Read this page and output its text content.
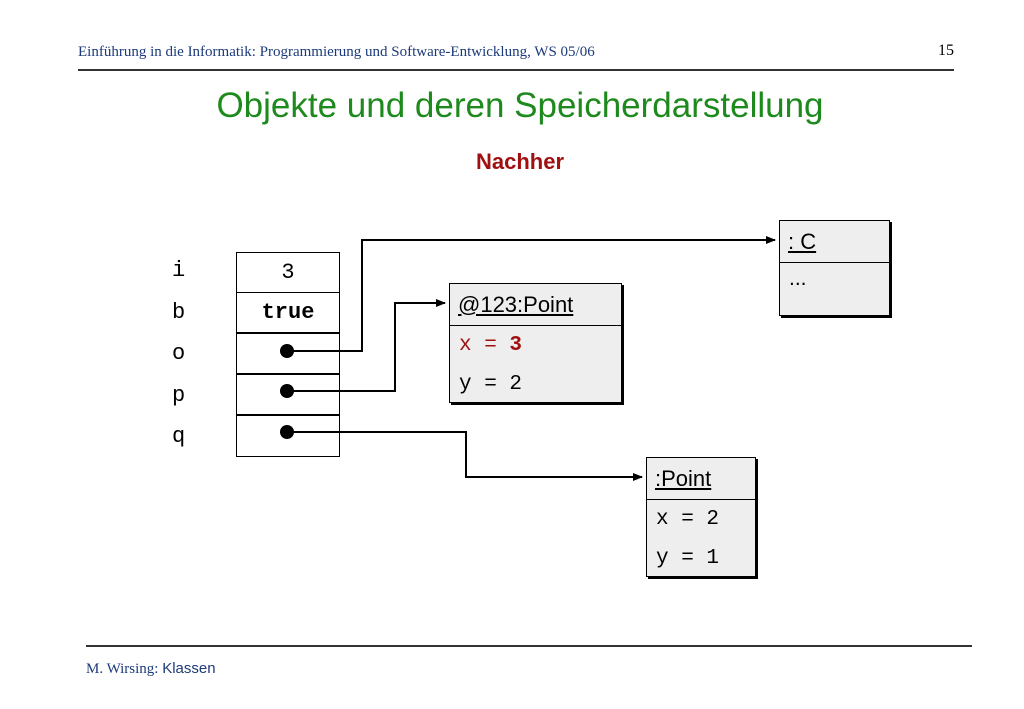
Einführung in die Informatik: Programmierung und Software-Entwicklung, WS 05/06	15
Objekte und deren Speicherdarstellung
Nachher
i
b
o
p
q
3
true
: C
...
@123:Point
x = 3
y = 2
:Point
x = 2
y = 1
M. Wirsing: Klassen
